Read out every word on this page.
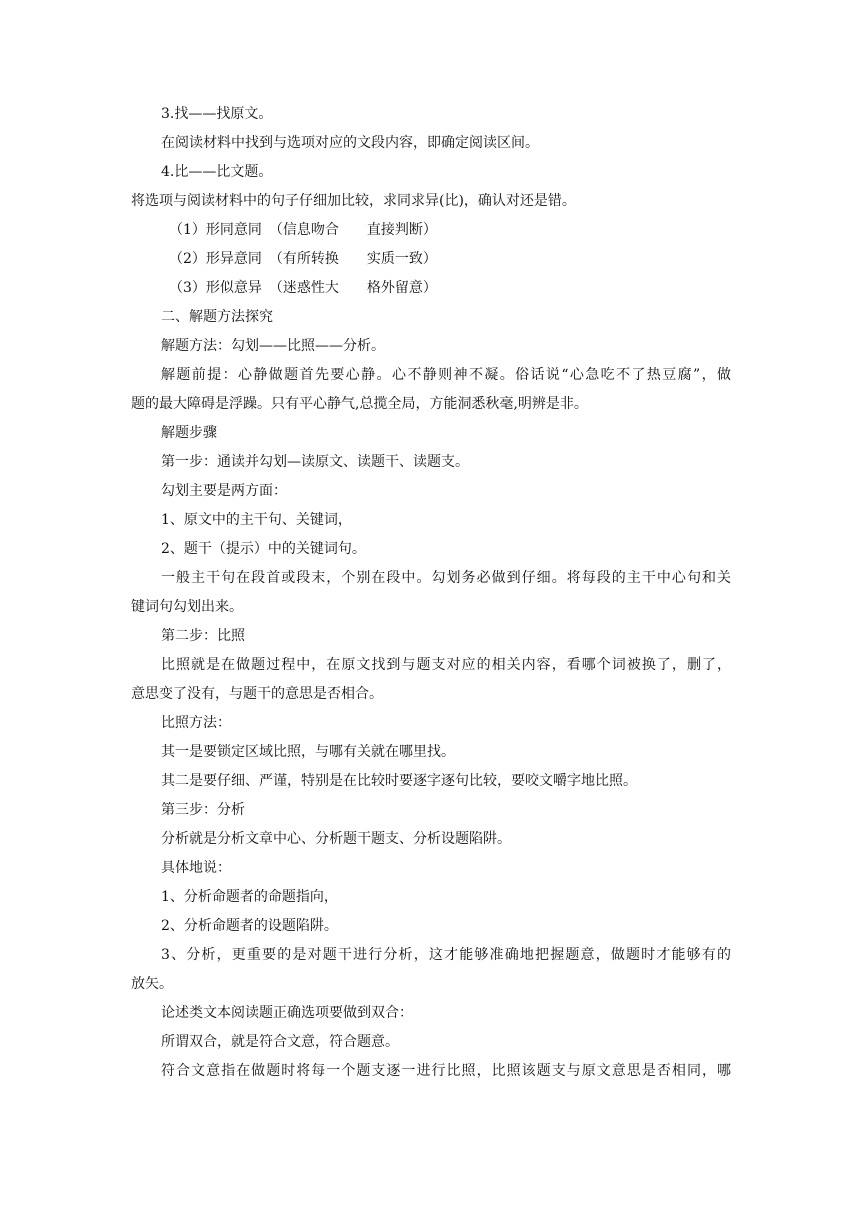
3.找——找原文。
在阅读材料中找到与选项对应的文段内容，即确定阅读区间。
4.比——比文题。
将选项与阅读材料中的句子仔细加比较，求同求异(比)，确认对还是错。
（1）形同意同　（信息吻合 直接判断）
（2）形异意同　（有所转换 实质一致）
（3）形似意异　（迷惑性大 格外留意）
二、解题方法探究
解题方法：勾划——比照——分析。
解题前提：心静做题首先要心静。心不静则神不凝。俗话说“心急吃不了热豆腐”，做
题的最大障碍是浮躁。只有平心静气,总揽全局，方能洞悉秋毫,明辨是非。
解题步骤
第一步：通读并勾划—读原文、读题干、读题支。
勾划主要是两方面：
1、原文中的主干句、关键词，
2、题干（提示）中的关键词句。
一般主干句在段首或段末，个别在段中。勾划务必做到仔细。将每段的主干中心句和关
键词句勾划出来。
第二步：比照
比照就是在做题过程中，在原文找到与题支对应的相关内容，看哪个词被换了，删了，
意思变了没有，与题干的意思是否相合。
比照方法：
其一是要锁定区域比照，与哪有关就在哪里找。
其二是要仔细、严谨，特别是在比较时要逐字逐句比较，要咬文嚼字地比照。
第三步：分析
分析就是分析文章中心、分析题干题支、分析设题陷阱。
具体地说：
1、分析命题者的命题指向，
2、分析命题者的设题陷阱。
3、分析，更重要的是对题干进行分析，这才能够准确地把握题意，做题时才能够有的
放矢。
论述类文本阅读题正确选项要做到双合：
所谓双合，就是符合文意，符合题意。
符合文意指在做题时将每一个题支逐一进行比照，比照该题支与原文意思是否相同，哪
